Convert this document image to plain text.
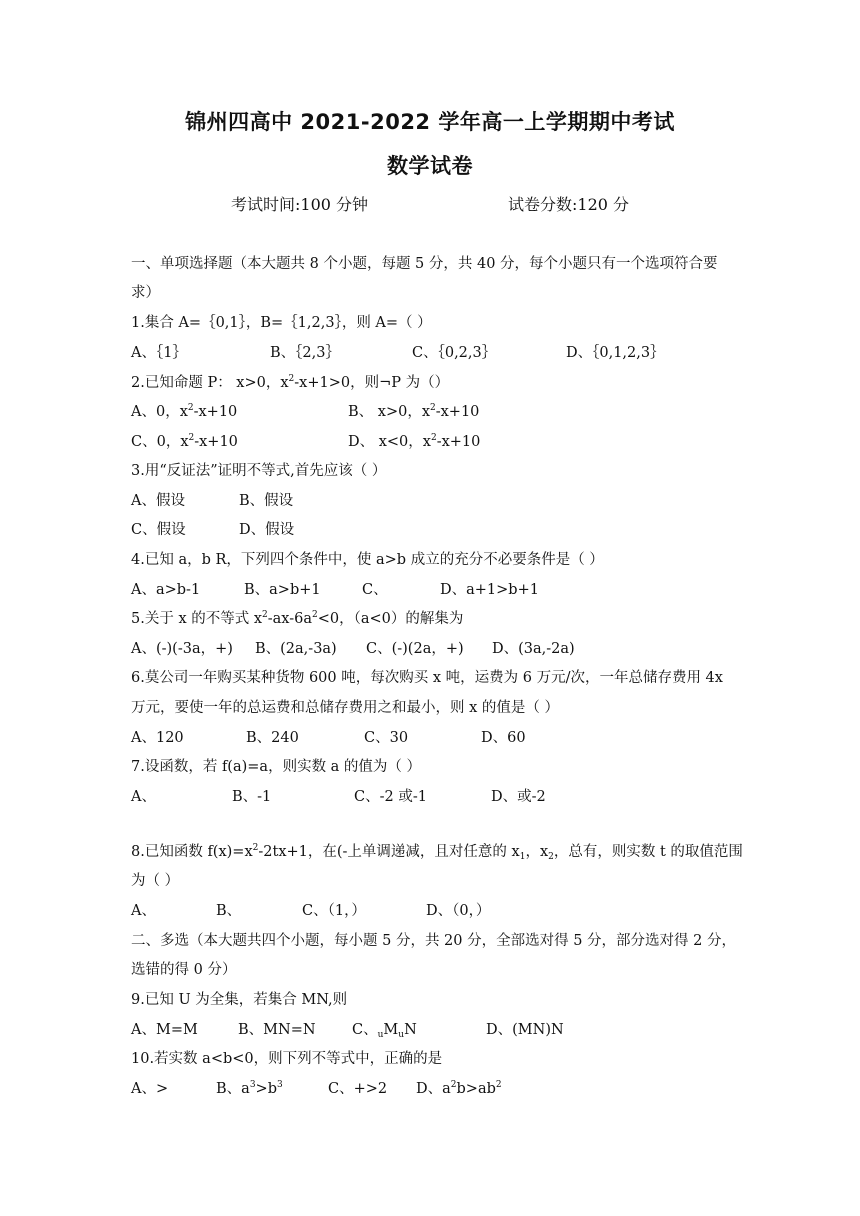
锦州四高中 2021-2022 学年高一上学期期中考试
数学试卷
考试时间:100 分钟	试卷分数:120 分
一、单项选择题（本大题共 8 个小题，每题 5 分，共 40 分，每个小题只有一个选项符合要
求）
1.集合 A=｛0,1｝，B=｛1,2,3｝，则 A=（ ）
A、｛1｝	B、｛2,3｝	C、｛0,2,3｝	D、｛0,1,2,3｝
2.已知命题 P： x>0，$x^2-x+1>0$，则¬P 为（）
A、0，$x^2-x+10$	B、 x>0，$x^2-x+10$
C、0，$x^2-x+10$	D、 x<0，$x^2-x+10$
3.用“反证法”证明不等式,首先应该（ ）
A、假设	B、假设
C、假设	D、假设
4.已知 a，b R，下列四个条件中，使 a>b 成立的充分不必要条件是（ ）
A、a>b-1	B、a>b+1	C、	D、a+1>b+1
5.关于 x 的不等式 $x^2-ax-6a^2<0$，（a<0）的解集为
A、(-)(-3a，+) B、(2a,-3a) C、(-)(2a，+) D、(3a,-2a)
6.莫公司一年购买某种货物 600 吨，每次购买 x 吨，运费为 6 万元/次，一年总储存费用 4x
万元，要使一年的总运费和总储存费用之和最小，则 x 的值是（ ）
A、120	B、240	C、30	D、60
7.设函数，若 f(a)=a，则实数 a 的值为（ ）
A、	B、-1	C、-2 或-1	D、或-2
8.已知函数 $f(x)=x^2-2tx+1$，在(-上单调递减，且对任意的 $x_1$，$x_2$，总有，则实数 t 的取值范围
为（ ）
A、	B、	C、（1，）	D、（0，）
二、多选（本大题共四个小题，每小题 5 分，共 20 分，全部选对得 5 分，部分选对得 2 分，
选错的得 0 分）
9.已知 U 为全集，若集合 MN,则
A、M=M	B、MN=N	C、$_uM_uN$	D、(MN)N
10.若实数 a<b<0，则下列不等式中，正确的是
A、>	B、$a^3>b^3$	C、+>2 D、$a^2b>ab^2$
